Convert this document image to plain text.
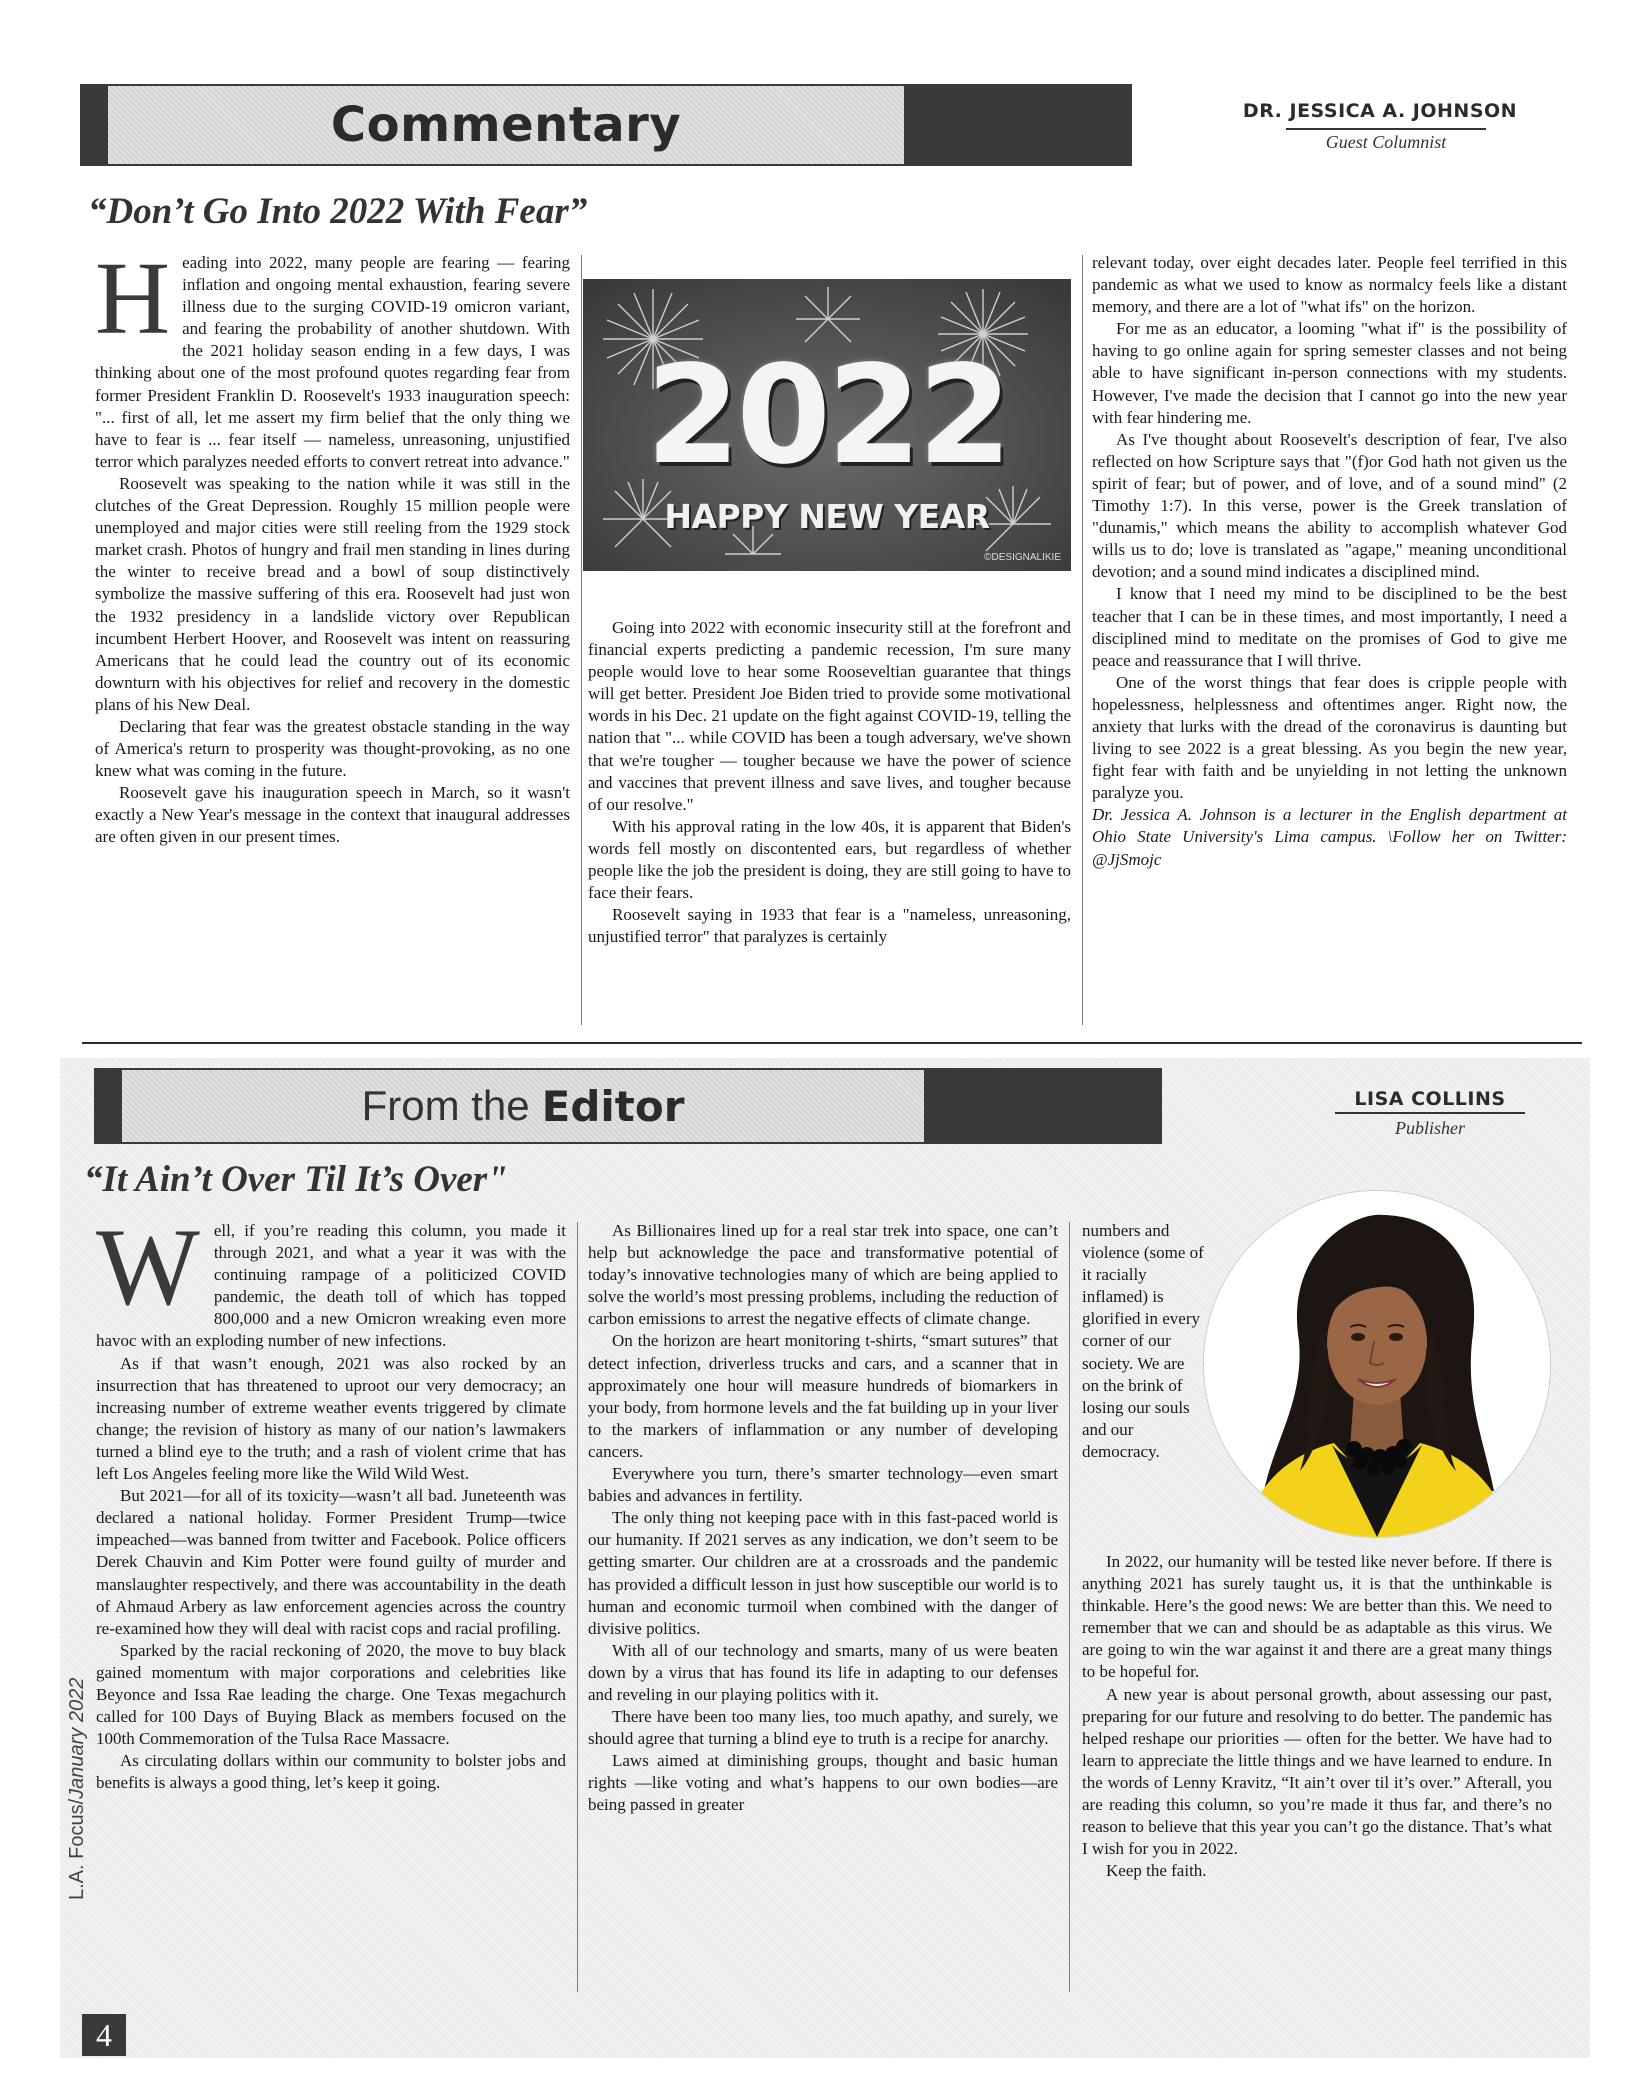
Commentary	DR. JESSICA A. JOHNSON
Guest Columnist
“Don’t Go Into 2022 With Fear”
H eading into 2022, many people are fearing — fearing inflation and ongoing mental exhaustion, fearing severe illness due to the surging COVID-19 omicron variant, and fearing the probability of another shutdown. With the 2021 holiday season ending in a few days, I was thinking about one of the most profound quotes regarding fear from former President Franklin D. Roosevelt's 1933 inauguration speech: "... first of all, let me assert my firm belief that the only thing we have to fear is ... fear itself — nameless, unreasoning, unjustified terror which paralyzes needed efforts to convert retreat into advance."

Roosevelt was speaking to the nation while it was still in the clutches of the Great Depression. Roughly 15 million people were unemployed and major cities were still reeling from the 1929 stock market crash. Photos of hungry and frail men standing in lines during the winter to receive bread and a bowl of soup distinctively symbolize the massive suffering of this era. Roosevelt had just won the 1932 presidency in a landslide victory over Republican incumbent Herbert Hoover, and Roosevelt was intent on reassuring Americans that he could lead the country out of its economic downturn with his objectives for relief and recovery in the domestic plans of his New Deal.

Declaring that fear was the greatest obstacle standing in the way of America's return to prosperity was thought-provoking, as no one knew what was coming in the future.

Roosevelt gave his inauguration speech in March, so it wasn't exactly a New Year's message in the context that inaugural addresses are often given in our present times.

2022
HAPPY NEW YEAR
©DESIGNALIKIE

Going into 2022 with economic insecurity still at the forefront and financial experts predicting a pandemic recession, I'm sure many people would love to hear some Rooseveltian guarantee that things will get better. President Joe Biden tried to provide some motivational words in his Dec. 21 update on the fight against COVID-19, telling the nation that "... while COVID has been a tough adversary, we've shown that we're tougher — tougher because we have the power of science and vaccines that prevent illness and save lives, and tougher because of our resolve."

With his approval rating in the low 40s, it is apparent that Biden's words fell mostly on discontented ears, but regardless of whether people like the job the president is doing, they are still going to have to face their fears.

Roosevelt saying in 1933 that fear is a "nameless, unreasoning, unjustified terror" that paralyzes is certainly

relevant today, over eight decades later. People feel terrified in this pandemic as what we used to know as normalcy feels like a distant memory, and there are a lot of "what ifs" on the horizon.

For me as an educator, a looming "what if" is the possibility of having to go online again for spring semester classes and not being able to have significant in-person connections with my students. However, I've made the decision that I cannot go into the new year with fear hindering me.

As I've thought about Roosevelt's description of fear, I've also reflected on how Scripture says that "(f)or God hath not given us the spirit of fear; but of power, and of love, and of a sound mind" (2 Timothy 1:7). In this verse, power is the Greek translation of "dunamis," which means the ability to accomplish whatever God wills us to do; love is translated as "agape," meaning unconditional devotion; and a sound mind indicates a disciplined mind.

I know that I need my mind to be disciplined to be the best teacher that I can be in these times, and most importantly, I need a disciplined mind to meditate on the promises of God to give me peace and reassurance that I will thrive.

One of the worst things that fear does is cripple people with hopelessness, helplessness and oftentimes anger. Right now, the anxiety that lurks with the dread of the coronavirus is daunting but living to see 2022 is a great blessing. As you begin the new year, fight fear with faith and be unyielding in not letting the unknown paralyze you.

Dr. Jessica A. Johnson is a lecturer in the English department at Ohio State University's Lima campus. \Follow her on Twitter: @JjSmojc

From the Editor	LISA COLLINS
Publisher
“It Ain’t Over Til It’s Over"
W ell, if you’re reading this column, you made it through 2021, and what a year it was with the continuing rampage of a politicized COVID pandemic, the death toll of which has topped 800,000 and a new Omicron wreaking even more havoc with an exploding number of new infections.

As if that wasn’t enough, 2021 was also rocked by an insurrection that has threatened to uproot our very democracy; an increasing number of extreme weather events triggered by climate change; the revision of history as many of our nation’s lawmakers turned a blind eye to the truth; and a rash of violent crime that has left Los Angeles feeling more like the Wild Wild West.

But 2021—for all of its toxicity—wasn’t all bad. Juneteenth was declared a national holiday. Former President Trump—twice impeached—was banned from twitter and Facebook. Police officers Derek Chauvin and Kim Potter were found guilty of murder and manslaughter respectively, and there was accountability in the death of Ahmaud Arbery as law enforcement agencies across the country re-examined how they will deal with racist cops and racial profiling.

Sparked by the racial reckoning of 2020, the move to buy black gained momentum with major corporations and celebrities like Beyonce and Issa Rae leading the charge. One Texas megachurch called for 100 Days of Buying Black as members focused on the 100th Commemoration of the Tulsa Race Massacre.

As circulating dollars within our community to bolster jobs and benefits is always a good thing, let’s keep it going.

As Billionaires lined up for a real star trek into space, one can’t help but acknowledge the pace and transformative potential of today’s innovative technologies many of which are being applied to solve the world’s most pressing problems, including the reduction of carbon emissions to arrest the negative effects of climate change.

On the horizon are heart monitoring t-shirts, “smart sutures” that detect infection, driverless trucks and cars, and a scanner that in approximately one hour will measure hundreds of biomarkers in your body, from hormone levels and the fat building up in your liver to the markers of inflammation or any number of developing cancers.

Everywhere you turn, there’s smarter technology—even smart babies and advances in fertility.

The only thing not keeping pace with in this fast-paced world is our humanity. If 2021 serves as any indication, we don’t seem to be getting smarter. Our children are at a crossroads and the pandemic has provided a difficult lesson in just how susceptible our world is to human and economic turmoil when combined with the danger of divisive politics.

With all of our technology and smarts, many of us were beaten down by a virus that has found its life in adapting to our defenses and reveling in our playing politics with it.

There have been too many lies, too much apathy, and surely, we should agree that turning a blind eye to truth is a recipe for anarchy.

Laws aimed at diminishing groups, thought and basic human rights —like voting and what’s happens to our own bodies—are being passed in greater

numbers and violence (some of it racially inflamed) is glorified in every corner of our society. We are on the brink of losing our souls and our democracy.

In 2022, our humanity will be tested like never before. If there is anything 2021 has surely taught us, it is that the unthinkable is thinkable. Here’s the good news: We are better than this. We need to remember that we can and should be as adaptable as this virus. We are going to win the war against it and there are a great many things to be hopeful for.

A new year is about personal growth, about assessing our past, preparing for our future and resolving to do better. The pandemic has helped reshape our priorities — often for the better. We have had to learn to appreciate the little things and we have learned to endure. In the words of Lenny Kravitz, “It ain’t over til it’s over.” Afterall, you are reading this column, so you’re made it thus far, and there’s no reason to believe that this year you can’t go the distance. That’s what I wish for you in 2022.

Keep the faith.

L.A. Focus/January 2022
4
